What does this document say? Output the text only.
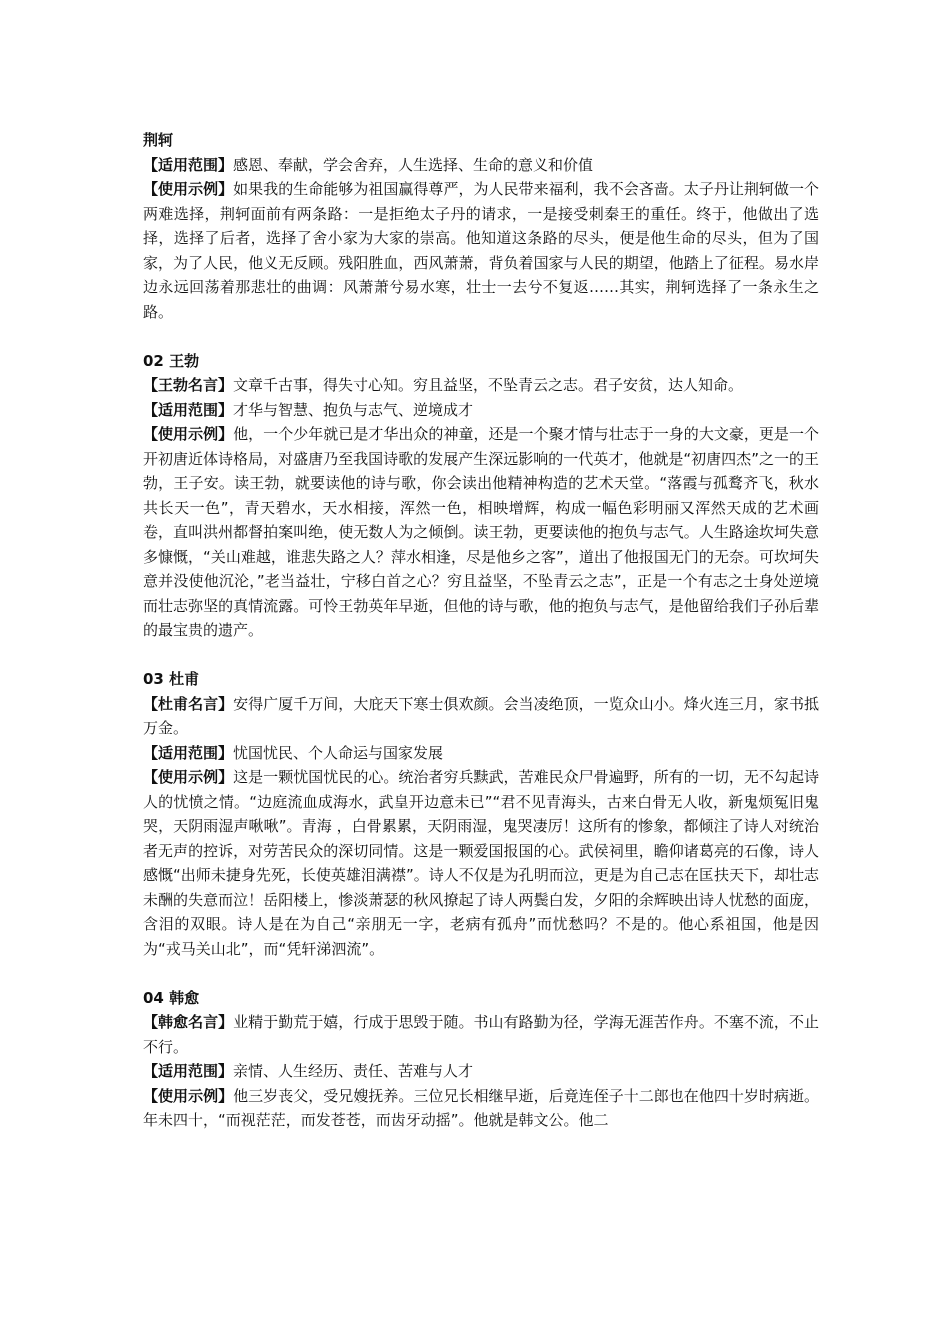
荆轲

【适用范围】感恩、奉献，学会舍弃，人生选择、生命的意义和价值

【使用示例】如果我的生命能够为祖国赢得尊严，为人民带来福利，我不会吝啬。太子丹让荆轲做一个两难选择，荆轲面前有两条路：一是拒绝太子丹的请求，一是接受刺秦王的重任。终于，他做出了选择，选择了后者，选择了舍小家为大家的崇高。他知道这条路的尽头，便是他生命的尽头，但为了国家，为了人民，他义无反顾。残阳胜血，西风萧萧，背负着国家与人民的期望，他踏上了征程。易水岸边永远回荡着那悲壮的曲调：风萧萧兮易水寒，壮士一去兮不复返……其实，荆轲选择了一条永生之路。

02 王勃

【王勃名言】文章千古事，得失寸心知。穷且益坚，不坠青云之志。君子安贫，达人知命。

【适用范围】才华与智慧、抱负与志气、逆境成才

【使用示例】他，一个少年就已是才华出众的神童，还是一个聚才情与壮志于一身的大文豪，更是一个开初唐近体诗格局，对盛唐乃至我国诗歌的发展产生深远影响的一代英才，他就是“初唐四杰”之一的王勃，王子安。读王勃，就要读他的诗与歌，你会读出他精神构造的艺术天堂。“落霞与孤鹜齐飞，秋水共长天一色”，青天碧水，天水相接，浑然一色，相映增辉，构成一幅色彩明丽又浑然天成的艺术画卷，直叫洪州都督拍案叫绝，使无数人为之倾倒。读王勃，更要读他的抱负与志气。人生路途坎坷失意多慷慨，“关山难越，谁悲失路之人？萍水相逢，尽是他乡之客”，道出了他报国无门的无奈。可坎坷失意并没使他沉沦，”老当益壮，宁移白首之心？穷且益坚，不坠青云之志”，正是一个有志之士身处逆境而壮志弥坚的真情流露。可怜王勃英年早逝，但他的诗与歌，他的抱负与志气，是他留给我们子孙后辈的最宝贵的遗产。

03 杜甫

【杜甫名言】安得广厦千万间，大庇天下寒士俱欢颜。会当凌绝顶，一览众山小。烽火连三月，家书抵万金。

【适用范围】忧国忧民、个人命运与国家发展

【使用示例】这是一颗忧国忧民的心。统治者穷兵黩武，苦难民众尸骨遍野，所有的一切，无不勾起诗人的忧愤之情。“边庭流血成海水，武皇开边意未已”“君不见青海头，古来白骨无人收，新鬼烦冤旧鬼哭，天阴雨湿声啾啾”。青海 ，白骨累累，天阴雨湿，鬼哭凄厉！这所有的惨象，都倾注了诗人对统治者无声的控诉，对劳苦民众的深切同情。这是一颗爱国报国的心。武侯祠里，瞻仰诸葛亮的石像，诗人感慨“出师未捷身先死，长使英雄泪满襟”。诗人不仅是为孔明而泣，更是为自己志在匡扶天下，却壮志未酬的失意而泣！岳阳楼上，惨淡萧瑟的秋风撩起了诗人两鬓白发，夕阳的余辉映出诗人忧愁的面庞，含泪的双眼。诗人是在为自己“亲朋无一字，老病有孤舟”而忧愁吗？不是的。他心系祖国，他是因为“戎马关山北”，而“凭轩涕泗流”。

04 韩愈

【韩愈名言】业精于勤荒于嬉，行成于思毁于随。书山有路勤为径，学海无涯苦作舟。不塞不流，不止不行。

【适用范围】亲情、人生经历、责任、苦难与人才

【使用示例】他三岁丧父，受兄嫂抚养。三位兄长相继早逝，后竟连侄子十二郎也在他四十岁时病逝。年未四十，“而视茫茫，而发苍苍，而齿牙动摇”。他就是韩文公。他二
